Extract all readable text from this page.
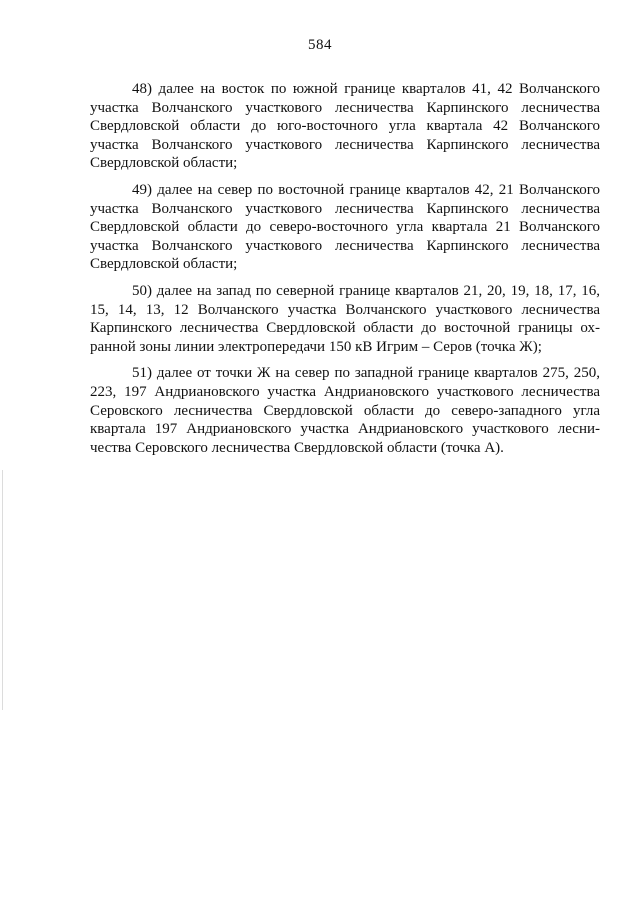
584

48) далее на восток по южной границе кварталов 41, 42 Волчанского участка Волчанского участкового лесничества Карпинского лесничества Свердловской области до юго-восточного угла квартала 42 Волчанского участка Волчанского участкового лесничества Карпинского лесничества Свердловской области;

49) далее на север по восточной границе кварталов 42, 21 Волчанского участка Волчанского участкового лесничества Карпинского лесничества Свердловской области до северо-восточного угла квартала 21 Волчанского участка Волчанского участкового лесничества Карпинского лесничества Свердловской области;

50) далее на запад по северной границе кварталов 21, 20, 19, 18, 17, 16, 15, 14, 13, 12 Волчанского участка Волчанского участкового лесничества Карпинского лесничества Свердловской области до восточной границы охранной зоны линии электропередачи 150 кВ Игрим – Серов (точка Ж);

51) далее от точки Ж на север по западной границе кварталов 275, 250, 223, 197 Андриановского участка Андриановского участкового лесничества Серовского лесничества Свердловской области до северо-западного угла квартала 197 Андриановского участка Андриановского участкового лесничества Серовского лесничества Свердловской области (точка А).
